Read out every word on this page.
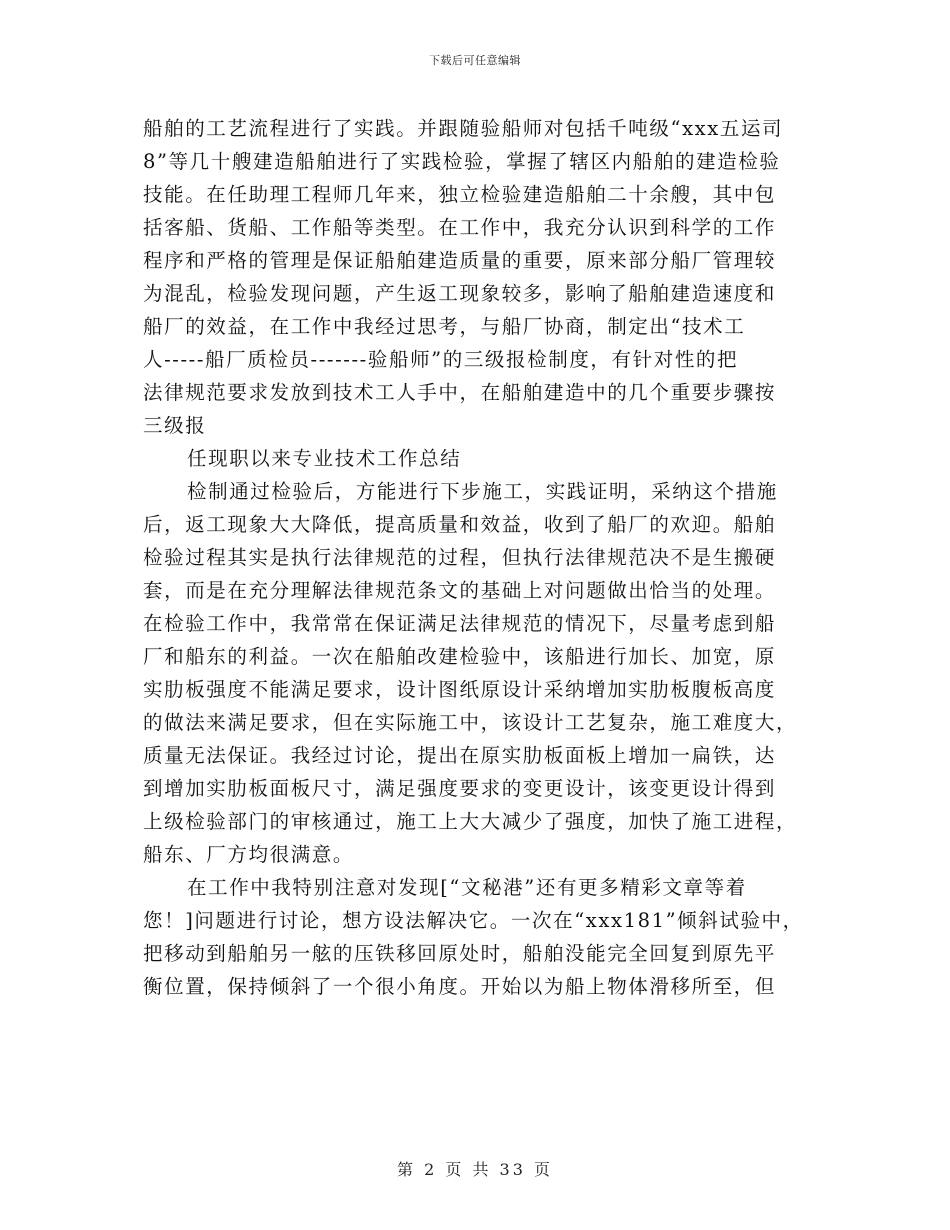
下载后可任意编辑
船舶的工艺流程进行了实践。并跟随验船师对包括千吨级“xxx五运司
8”等几十艘建造船舶进行了实践检验，掌握了辖区内船舶的建造检验
技能。在任助理工程师几年来，独立检验建造船舶二十余艘，其中包
括客船、货船、工作船等类型。在工作中，我充分认识到科学的工作
程序和严格的管理是保证船舶建造质量的重要，原来部分船厂管理较
为混乱，检验发现问题，产生返工现象较多，影响了船舶建造速度和
船厂的效益，在工作中我经过思考，与船厂协商，制定出“技术工
人-----船厂质检员-------验船师”的三级报检制度，有针对性的把
法律规范要求发放到技术工人手中，在船舶建造中的几个重要步骤按
三级报
任现职以来专业技术工作总结
检制通过检验后，方能进行下步施工，实践证明，采纳这个措施
后，返工现象大大降低，提高质量和效益，收到了船厂的欢迎。船舶
检验过程其实是执行法律规范的过程，但执行法律规范决不是生搬硬
套，而是在充分理解法律规范条文的基础上对问题做出恰当的处理。
在检验工作中，我常常在保证满足法律规范的情况下，尽量考虑到船
厂和船东的利益。一次在船舶改建检验中，该船进行加长、加宽，原
实肋板强度不能满足要求，设计图纸原设计采纳增加实肋板腹板高度
的做法来满足要求，但在实际施工中，该设计工艺复杂，施工难度大，
质量无法保证。我经过讨论，提出在原实肋板面板上增加一扁铁，达
到增加实肋板面板尺寸，满足强度要求的变更设计，该变更设计得到
上级检验部门的审核通过，施工上大大减少了强度，加快了施工进程，
船东、厂方均很满意。
在工作中我特别注意对发现[“文秘港”还有更多精彩文章等着
您！]问题进行讨论，想方设法解决它。一次在“xxx181”倾斜试验中，
把移动到船舶另一舷的压铁移回原处时，船舶没能完全回复到原先平
衡位置，保持倾斜了一个很小角度。开始以为船上物体滑移所至，但
第 2 页 共 33 页
